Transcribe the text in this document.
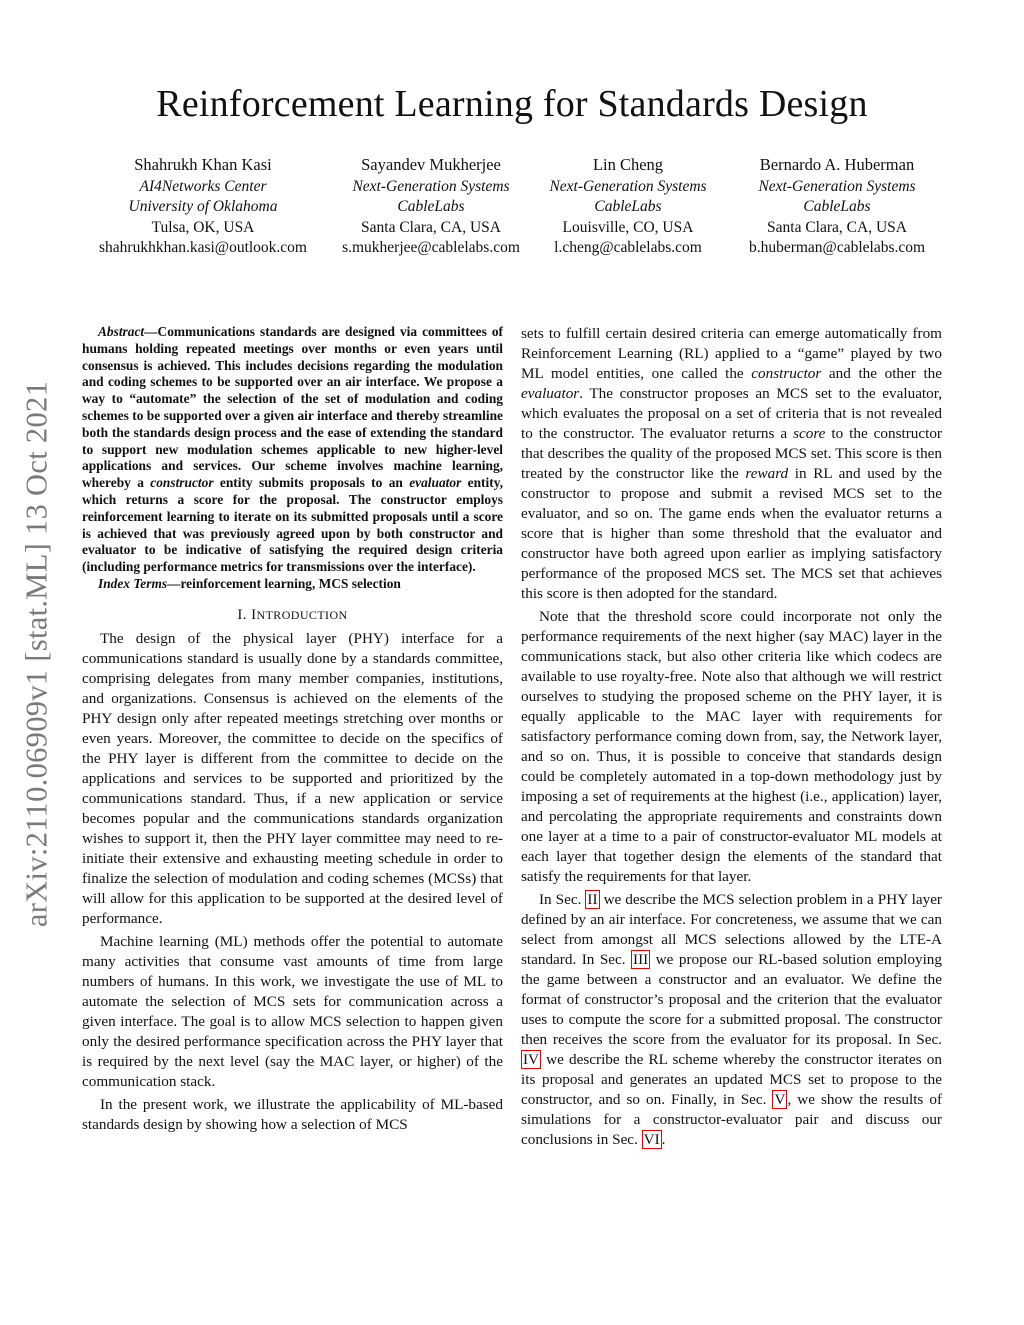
Reinforcement Learning for Standards Design
Shahrukh Khan Kasi
AI4Networks Center
University of Oklahoma
Tulsa, OK, USA
shahrukhkhan.kasi@outlook.com
Sayandev Mukherjee
Next-Generation Systems
CableLabs
Santa Clara, CA, USA
s.mukherjee@cablelabs.com
Lin Cheng
Next-Generation Systems
CableLabs
Louisville, CO, USA
l.cheng@cablelabs.com
Bernardo A. Huberman
Next-Generation Systems
CableLabs
Santa Clara, CA, USA
b.huberman@cablelabs.com
arXiv:2110.06909v1 [stat.ML] 13 Oct 2021

Abstract—Communications standards are designed via committees of humans holding repeated meetings over months or even years until consensus is achieved. This includes decisions regarding the modulation and coding schemes to be supported over an air interface. We propose a way to “automate” the selection of the set of modulation and coding schemes to be supported over a given air interface and thereby streamline both the standards design process and the ease of extending the standard to support new modulation schemes applicable to new higher-level applications and services. Our scheme involves machine learning, whereby a constructor entity submits proposals to an evaluator entity, which returns a score for the proposal. The constructor employs reinforcement learning to iterate on its submitted proposals until a score is achieved that was previously agreed upon by both constructor and evaluator to be indicative of satisfying the required design criteria (including performance metrics for transmissions over the interface).

Index Terms—reinforcement learning, MCS selection

I. INTRODUCTION

The design of the physical layer (PHY) interface for a communications standard is usually done by a standards committee, comprising delegates from many member companies, institutions, and organizations. Consensus is achieved on the elements of the PHY design only after repeated meetings stretching over months or even years. Moreover, the committee to decide on the specifics of the PHY layer is different from the committee to decide on the applications and services to be supported and prioritized by the communications standard. Thus, if a new application or service becomes popular and the communications standards organization wishes to support it, then the PHY layer committee may need to re-initiate their extensive and exhausting meeting schedule in order to finalize the selection of modulation and coding schemes (MCSs) that will allow for this application to be supported at the desired level of performance.

Machine learning (ML) methods offer the potential to automate many activities that consume vast amounts of time from large numbers of humans. In this work, we investigate the use of ML to automate the selection of MCS sets for communication across a given interface. The goal is to allow MCS selection to happen given only the desired performance specification across the PHY layer that is required by the next level (say the MAC layer, or higher) of the communication stack.

In the present work, we illustrate the applicability of ML-based standards design by showing how a selection of MCS

sets to fulfill certain desired criteria can emerge automatically from Reinforcement Learning (RL) applied to a “game” played by two ML model entities, one called the constructor and the other the evaluator. The constructor proposes an MCS set to the evaluator, which evaluates the proposal on a set of criteria that is not revealed to the constructor. The evaluator returns a score to the constructor that describes the quality of the proposed MCS set. This score is then treated by the constructor like the reward in RL and used by the constructor to propose and submit a revised MCS set to the evaluator, and so on. The game ends when the evaluator returns a score that is higher than some threshold that the evaluator and constructor have both agreed upon earlier as implying satisfactory performance of the proposed MCS set. The MCS set that achieves this score is then adopted for the standard.

Note that the threshold score could incorporate not only the performance requirements of the next higher (say MAC) layer in the communications stack, but also other criteria like which codecs are available to use royalty-free. Note also that although we will restrict ourselves to studying the proposed scheme on the PHY layer, it is equally applicable to the MAC layer with requirements for satisfactory performance coming down from, say, the Network layer, and so on. Thus, it is possible to conceive that standards design could be completely automated in a top-down methodology just by imposing a set of requirements at the highest (i.e., application) layer, and percolating the appropriate requirements and constraints down one layer at a time to a pair of constructor-evaluator ML models at each layer that together design the elements of the standard that satisfy the requirements for that layer.

In Sec. II we describe the MCS selection problem in a PHY layer defined by an air interface. For concreteness, we assume that we can select from amongst all MCS selections allowed by the LTE-A standard. In Sec. III we propose our RL-based solution employing the game between a constructor and an evaluator. We define the format of constructor’s proposal and the criterion that the evaluator uses to compute the score for a submitted proposal. The constructor then receives the score from the evaluator for its proposal. In Sec. IV we describe the RL scheme whereby the constructor iterates on its proposal and generates an updated MCS set to propose to the constructor, and so on. Finally, in Sec. V , we show the results of simulations for a constructor-evaluator pair and discuss our conclusions in Sec. VI .
